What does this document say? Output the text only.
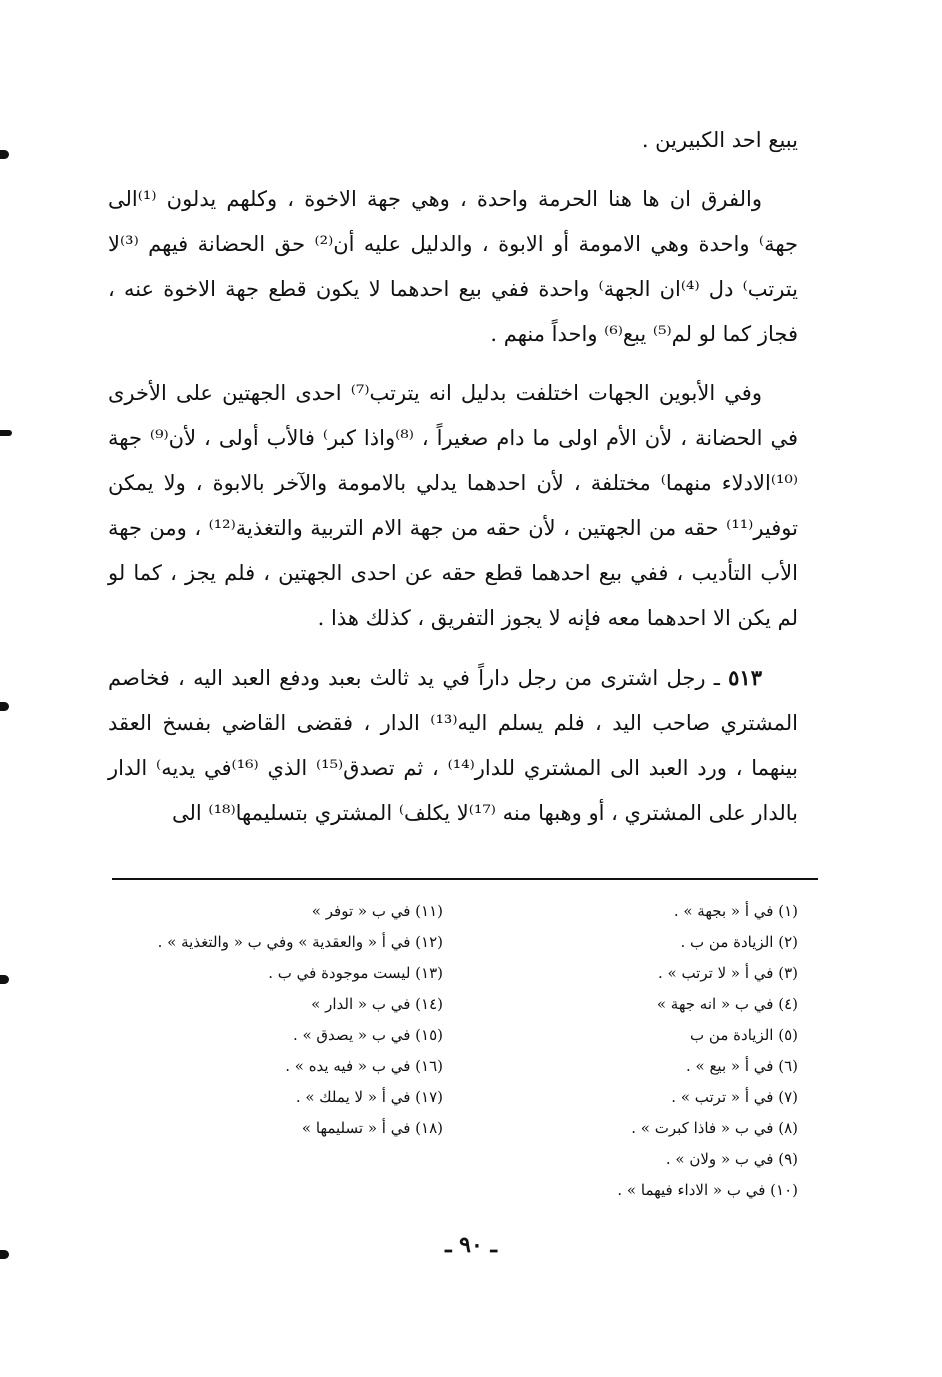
يبيع احد الكبيرين .

والفرق ان ها هنا الحرمة واحدة ، وهي جهة الاخوة ، وكلهم يدلون ⁽¹⁾الى جهة⁾ واحدة وهي الامومة أو الابوة ، والدليل عليه أن⁽²⁾ حق الحضانة فيهم ⁽³⁾لا يترتب⁾ دل ⁽⁴⁾ان الجهة⁾ واحدة ففي بيع احدهما لا يكون قطع جهة الاخوة عنه ، فجاز كما لو لم⁽⁵⁾ يبع⁽⁶⁾ واحداً منهم .

وفي الأبوين الجهات اختلفت بدليل انه يترتب⁽⁷⁾ احدى الجهتين على الأخرى في الحضانة ، لأن الأم اولى ما دام صغيراً ، ⁽⁸⁾واذا كبر⁾ فالأب أولى ، لأن⁽⁹⁾ جهة ⁽¹⁰⁾الادلاء منهما⁾ مختلفة ، لأن احدهما يدلي بالامومة والآخر بالابوة ، ولا يمكن توفير⁽¹¹⁾ حقه من الجهتين ، لأن حقه من جهة الام التربية والتغذية⁽¹²⁾ ، ومن جهة الأب التأديب ، ففي بيع احدهما قطع حقه عن احدى الجهتين ، فلم يجز ، كما لو لم يكن الا احدهما معه فإنه لا يجوز التفريق ، كذلك هذا .

٥١٣ ـ رجل اشترى من رجل داراً في يد ثالث بعبد ودفع العبد اليه ، فخاصم المشتري صاحب اليد ، فلم يسلم اليه⁽¹³⁾ الدار ، فقضى القاضي بفسخ العقد بينهما ، ورد العبد الى المشتري للدار⁽¹⁴⁾ ، ثم تصدق⁽¹⁵⁾ الذي ⁽¹⁶⁾في يديه⁾ الدار بالدار على المشتري ، أو وهبها منه ⁽¹⁷⁾لا يكلف⁾ المشتري بتسليمها⁽¹⁸⁾ الى

(١) في أ « بجهة » .

(٢) الزيادة من ب .

(٣) في أ « لا ترتب » .

(٤) في ب « انه جهة »

(٥) الزيادة من ب

(٦) في أ « بيع » .

(٧) في أ « ترتب » .

(٨) في ب « فاذا كبرت » .

(٩) في ب « ولان » .

(١٠) في ب « الاداء فيهما » .

(١١) في ب « توفر »

(١٢) في أ « والعقدية » وفي ب « والتغذية » .

(١٣) ليست موجودة في ب .

(١٤) في ب « الدار »

(١٥) في ب « يصدق » .

(١٦) في ب « فيه يده » .

(١٧) في أ « لا يملك » .

(١٨) في أ « تسليمها »

ـ ٩٠ ـ
